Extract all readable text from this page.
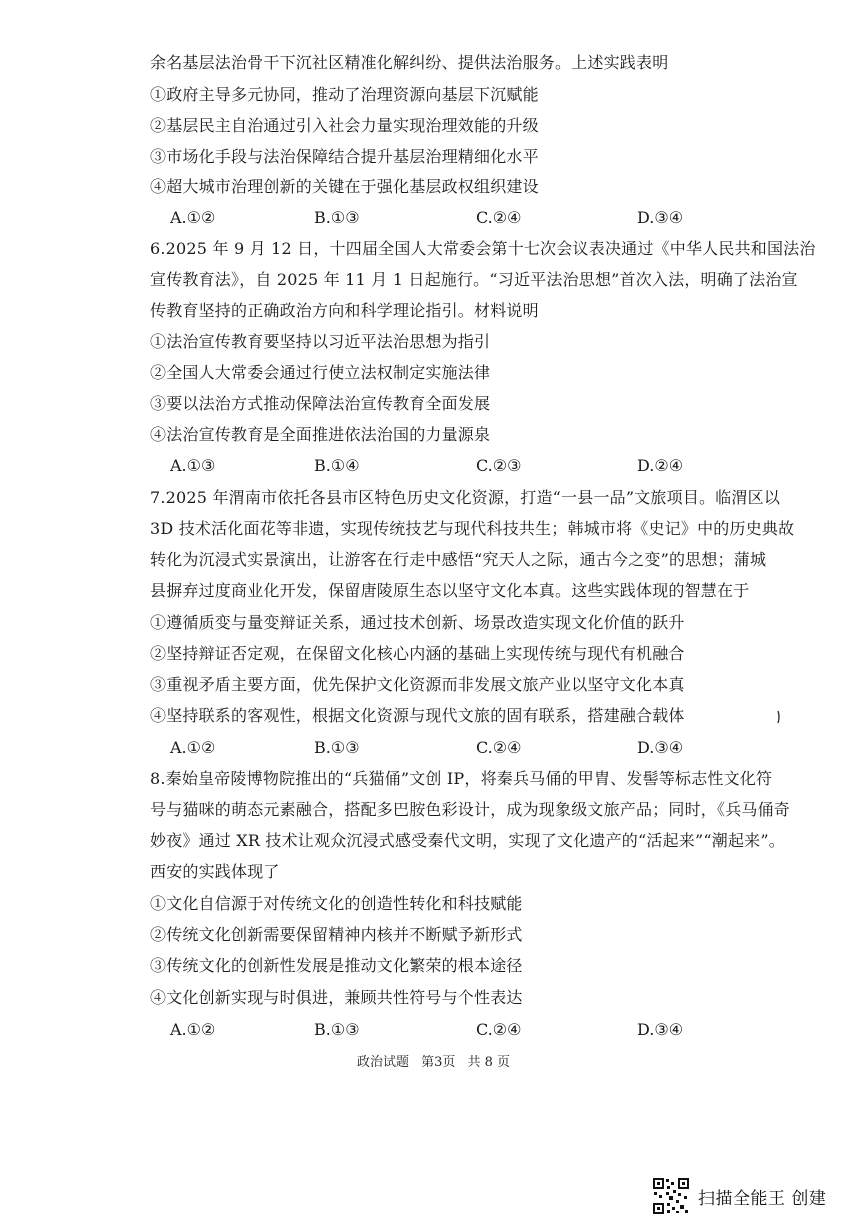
余名基层法治骨干下沉社区精准化解纠纷、提供法治服务。上述实践表明
①政府主导多元协同，推动了治理资源向基层下沉赋能
②基层民主自治通过引入社会力量实现治理效能的升级
③市场化手段与法治保障结合提升基层治理精细化水平
④超大城市治理创新的关键在于强化基层政权组织建设
A.①②	B.①③	C.②④	D.③④
6.2025 年 9 月 12 日，十四届全国人大常委会第十七次会议表决通过《中华人民共和国法治
宣传教育法》，自 2025 年 11 月 1 日起施行。“习近平法治思想”首次入法，明确了法治宣
传教育坚持的正确政治方向和科学理论指引。材料说明
①法治宣传教育要坚持以习近平法治思想为指引
②全国人大常委会通过行使立法权制定实施法律
③要以法治方式推动保障法治宣传教育全面发展
④法治宣传教育是全面推进依法治国的力量源泉
A.①③	B.①④	C.②③	D.②④
7.2025 年渭南市依托各县市区特色历史文化资源，打造“一县一品”文旅项目。临渭区以
3D 技术活化面花等非遗，实现传统技艺与现代科技共生；韩城市将《史记》中的历史典故
转化为沉浸式实景演出，让游客在行走中感悟“究天人之际，通古今之变”的思想；蒲城
县摒弃过度商业化开发，保留唐陵原生态以坚守文化本真。这些实践体现的智慧在于
①遵循质变与量变辩证关系，通过技术创新、场景改造实现文化价值的跃升
②坚持辩证否定观，在保留文化核心内涵的基础上实现传统与现代有机融合
③重视矛盾主要方面，优先保护文化资源而非发展文旅产业以坚守文化本真
④坚持联系的客观性，根据文化资源与现代文旅的固有联系，搭建融合载体
A.①②	B.①③	C.②④	D.③④
8.秦始皇帝陵博物院推出的“兵猫俑”文创 IP，将秦兵马俑的甲胄、发髻等标志性文化符
号与猫咪的萌态元素融合，搭配多巴胺色彩设计，成为现象级文旅产品；同时，《兵马俑奇
妙夜》通过 XR 技术让观众沉浸式感受秦代文明，实现了文化遗产的“活起来”“潮起来”。
西安的实践体现了
①文化自信源于对传统文化的创造性转化和科技赋能
②传统文化创新需要保留精神内核并不断赋予新形式
③传统文化的创新性发展是推动文化繁荣的根本途径
④文化创新实现与时俱进，兼顾共性符号与个性表达
A.①②	B.①③	C.②④	D.③④
政治试题 第3页 共 8 页
扫描全能王 创建
